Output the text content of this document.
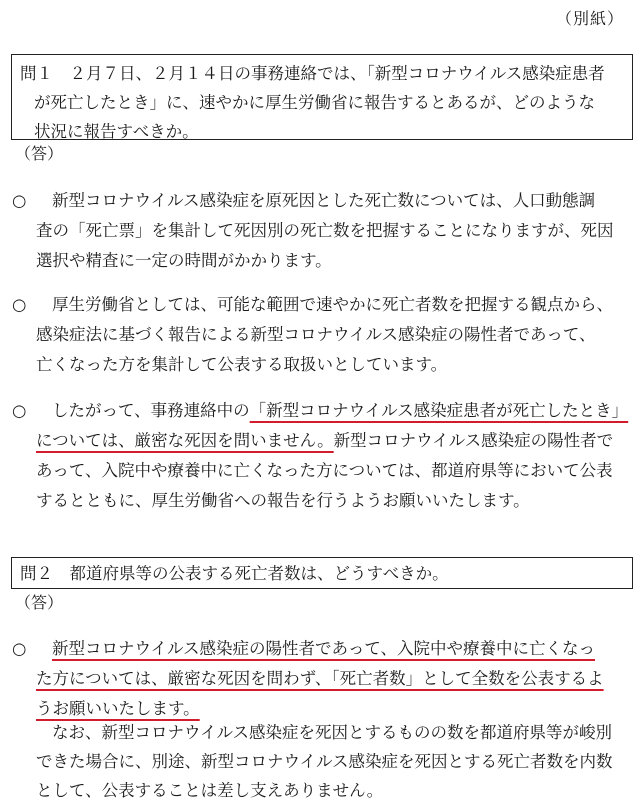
（別紙）

問１　２月７日、２月１４日の事務連絡では、「新型コロナウイルス感染症患者

が死亡したとき」に、速やかに厚生労働省に報告するとあるが、どのような

状況に報告すべきか。

（答）
○ 新型コロナウイルス感染症を原死因とした死亡数については、人口動態調
査の「死亡票」を集計して死因別の死亡数を把握することになりますが、死因
選択や精査に一定の時間がかかります。
○ 厚生労働省としては、可能な範囲で速やかに死亡者数を把握する観点から、
感染症法に基づく報告による新型コロナウイルス感染症の陽性者であって、
亡くなった方を集計して公表する取扱いとしています。
○ したがって、事務連絡中の「新型コロナウイルス感染症患者が死亡したとき」
については、厳密な死因を問いません。新型コロナウイルス感染症の陽性者で
あって、入院中や療養中に亡くなった方については、都道府県等において公表
するとともに、厚生労働省への報告を行うようお願いいたします。

問２　都道府県等の公表する死亡者数は、どうすべきか。

（答）
○ 新型コロナウイルス感染症の陽性者であって、入院中や療養中に亡くなっ
た方については、厳密な死因を問わず、「死亡者数」として全数を公表するよ
うお願いいたします。
なお、新型コロナウイルス感染症を死因とするものの数を都道府県等が峻別
できた場合に、別途、新型コロナウイルス感染症を死因とする死亡者数を内数
として、公表することは差し支えありません。
